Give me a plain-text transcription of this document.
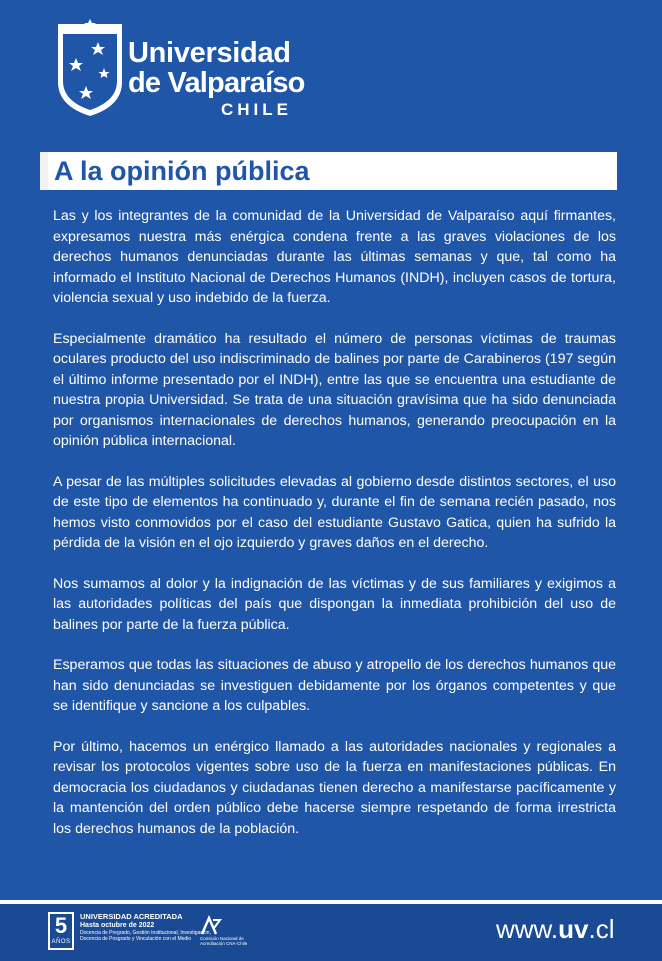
Universidad
de Valparaíso
CHILE
A la opinión pública

Las y los integrantes de la comunidad de la Universidad de Valparaíso aquí firmantes, expresamos nuestra más enérgica condena frente a las graves violaciones de los derechos humanos denunciadas durante las últimas semanas y que, tal como ha informado el Instituto Nacional de Derechos Humanos (INDH), incluyen casos de tortura, violencia sexual y uso indebido de la fuerza.

Especialmente dramático ha resultado el número de personas víctimas de traumas oculares producto del uso indiscriminado de balines por parte de Carabineros (197 según el último informe presentado por el INDH), entre las que se encuentra una estudiante de nuestra propia Universidad. Se trata de una situación gravísima que ha sido denunciada por organismos internacionales de derechos humanos, generando preocupación en la opinión pública internacional.

A pesar de las múltiples solicitudes elevadas al gobierno desde distintos sectores, el uso de este tipo de elementos ha continuado y, durante el fin de semana recién pasado, nos hemos visto conmovidos por el caso del estudiante Gustavo Gatica, quien ha sufrido la pérdida de la visión en el ojo izquierdo y graves daños en el derecho.

Nos sumamos al dolor y la indignación de las víctimas y de sus familiares y exigimos a las autoridades políticas del país que dispongan la inmediata prohibición del uso de balines por parte de la fuerza pública.

Esperamos que todas las situaciones de abuso y atropello de los derechos humanos que han sido denunciadas se investiguen debidamente por los órganos competentes y que se identifique y sancione a los culpables.

Por último, hacemos un enérgico llamado a las autoridades nacionales y regionales a revisar los protocolos vigentes sobre uso de la fuerza en manifestaciones públicas. En democracia los ciudadanos y ciudadanas tienen derecho a manifestarse pacíficamente y la mantención del orden público debe hacerse siempre respetando de forma irrestricta los derechos humanos de la población.

5
AÑOS
UNIVERSIDAD ACREDITADA
Hasta octubre de 2022
Docencia de Pregrado, Gestión Institucional, Investigación, Docencia de Posgrado y Vinculación con el Medio	Comisión Nacional de Acreditación CNA-Chile	www.uv.cl
